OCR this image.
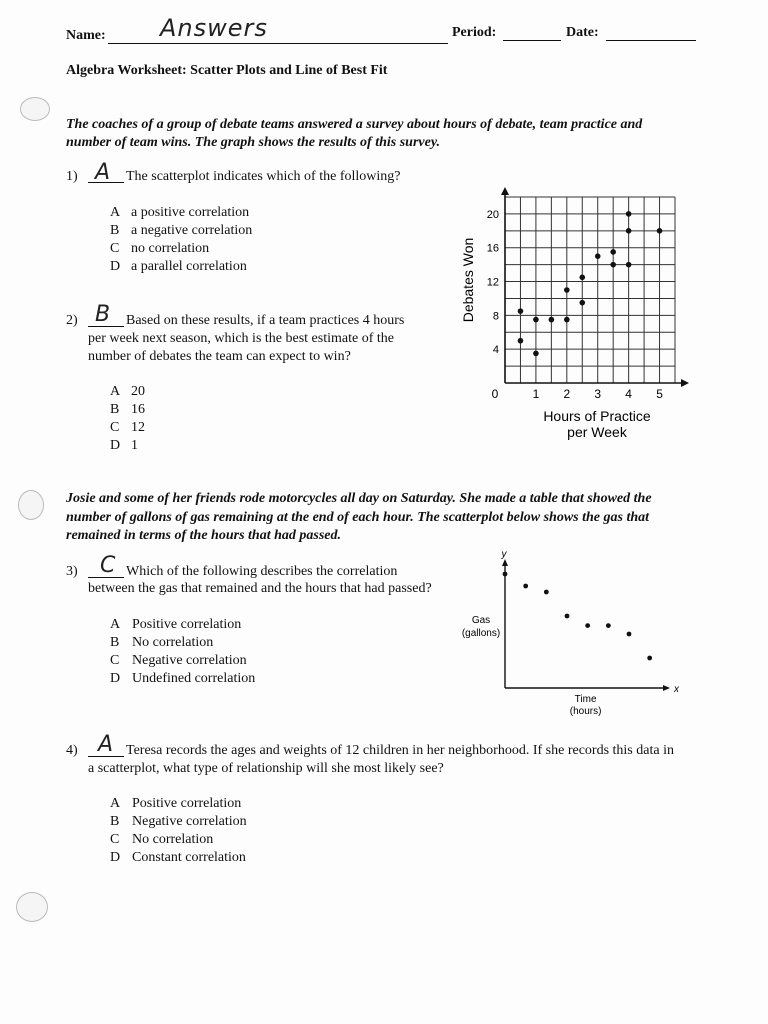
Name: Answers	Period:	Date:
Algebra Worksheet: Scatter Plots and Line of Best Fit
The coaches of a group of debate teams answered a survey about hours of debate, team practice and
number of team wins. The graph shows the results of this survey.
1) A The scatterplot indicates which of the following?
A a positive correlation
B a negative correlation
C no correlation
D a parallel correlation
2) B Based on these results, if a team practices 4 hours
per week next season, which is the best estimate of the
number of debates the team can expect to win?
A 20
B 16
C 12
D 1
1 2 3 4 5
0
4
8
12
16
20
Hours of Practice
per Week
Debates Won
Josie and some of her friends rode motorcycles all day on Saturday. She made a table that showed the
number of gallons of gas remaining at the end of each hour. The scatterplot below shows the gas that
remained in terms of the hours that had passed.
3) C Which of the following describes the correlation
between the gas that remained and the hours that had passed?
A Positive correlation
B No correlation
C Negative correlation
D Undefined correlation
x
y
Time
(hours)
Gas
(gallons)
4) A Teresa records the ages and weights of 12 children in her neighborhood. If she records this data in
a scatterplot, what type of relationship will she most likely see?
A Positive correlation
B Negative correlation
C No correlation
D Constant correlation
